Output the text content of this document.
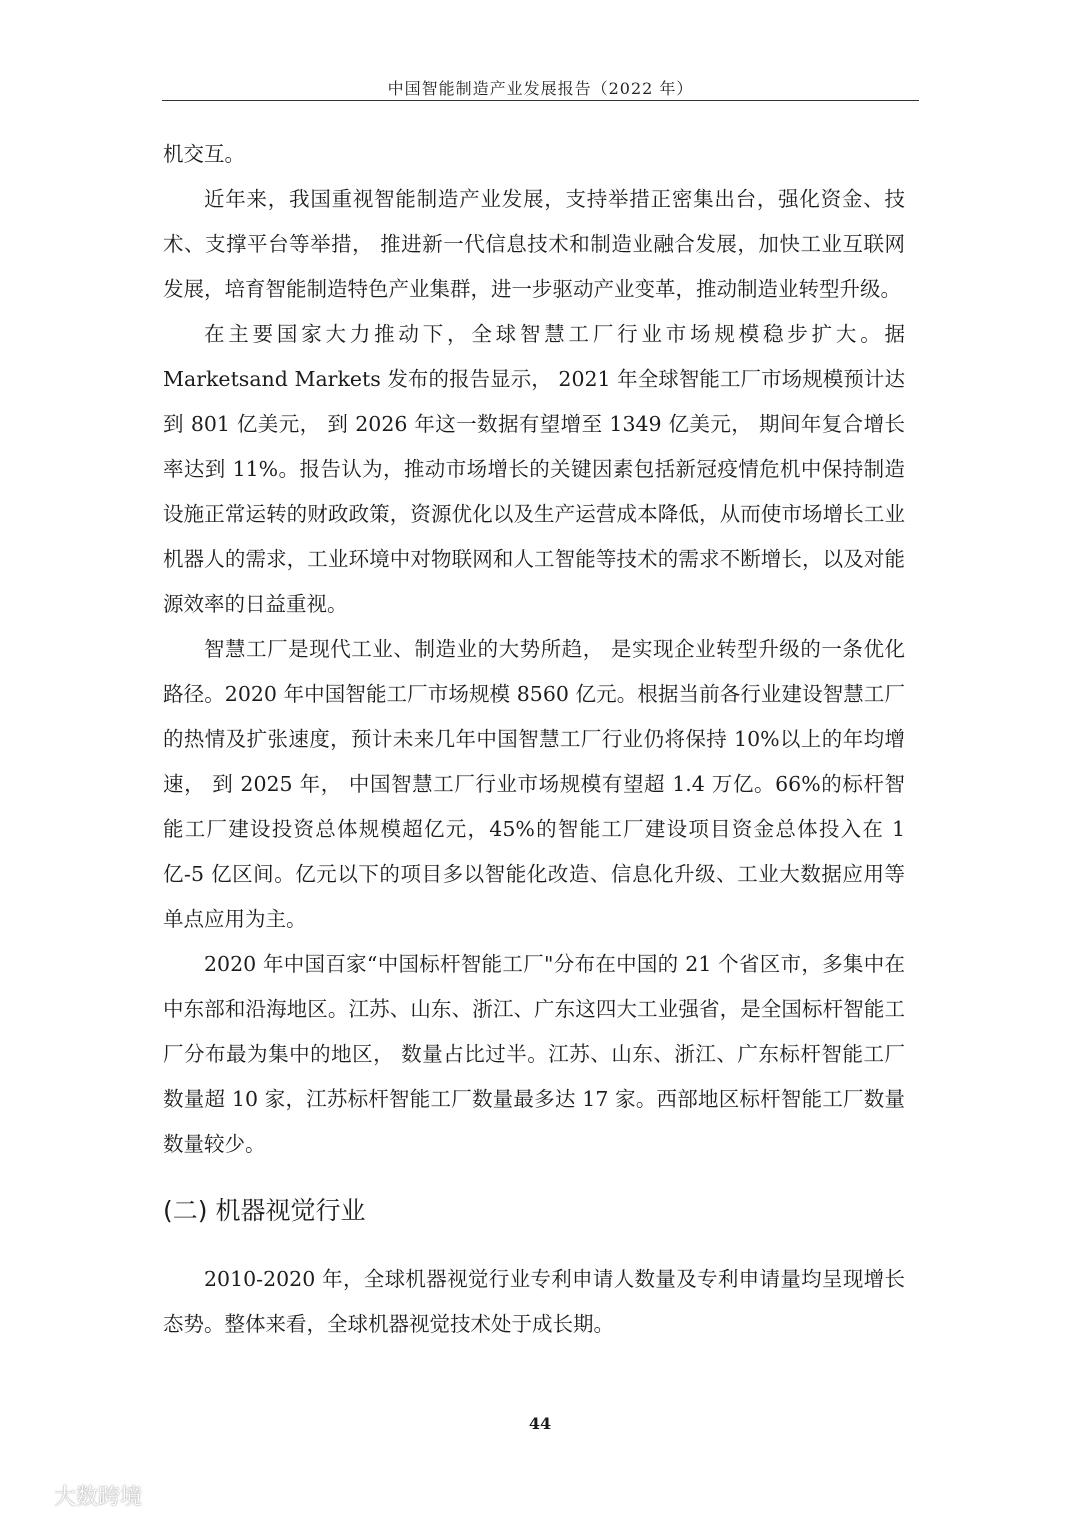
中国智能制造产业发展报告（2022 年）

机交互。

近年来，我国重视智能制造产业发展，支持举措正密集出台，强化资金、技术、支撑平台等举措， 推进新一代信息技术和制造业融合发展，加快工业互联网发展，培育智能制造特色产业集群，进一步驱动产业变革，推动制造业转型升级。

在主要国家大力推动下，全球智慧工厂行业市场规模稳步扩大。据 Marketsand Markets 发布的报告显示， 2021 年全球智能工厂市场规模预计达到 801 亿美元， 到 2026 年这一数据有望增至 1349 亿美元， 期间年复合增长率达到 11%。报告认为，推动市场增长的关键因素包括新冠疫情危机中保持制造设施正常运转的财政政策，资源优化以及生产运营成本降低，从而使市场增长工业机器人的需求，工业环境中对物联网和人工智能等技术的需求不断增长，以及对能源效率的日益重视。

智慧工厂是现代工业、制造业的大势所趋， 是实现企业转型升级的一条优化路径。2020 年中国智能工厂市场规模 8560 亿元。根据当前各行业建设智慧工厂的热情及扩张速度，预计未来几年中国智慧工厂行业仍将保持 10%以上的年均增速， 到 2025 年， 中国智慧工厂行业市场规模有望超 1.4 万亿。66%的标杆智能工厂建设投资总体规模超亿元，45%的智能工厂建设项目资金总体投入在 1 亿-5 亿区间。亿元以下的项目多以智能化改造、信息化升级、工业大数据应用等单点应用为主。

2020 年中国百家“中国标杆智能工厂"分布在中国的 21 个省区市，多集中在中东部和沿海地区。江苏、山东、浙江、广东这四大工业强省，是全国标杆智能工厂分布最为集中的地区， 数量占比过半。江苏、山东、浙江、广东标杆智能工厂数量超 10 家，江苏标杆智能工厂数量最多达 17 家。西部地区标杆智能工厂数量数量较少。

(二) 机器视觉行业

2010-2020 年，全球机器视觉行业专利申请人数量及专利申请量均呈现增长态势。整体来看，全球机器视觉技术处于成长期。

44
大数跨境
